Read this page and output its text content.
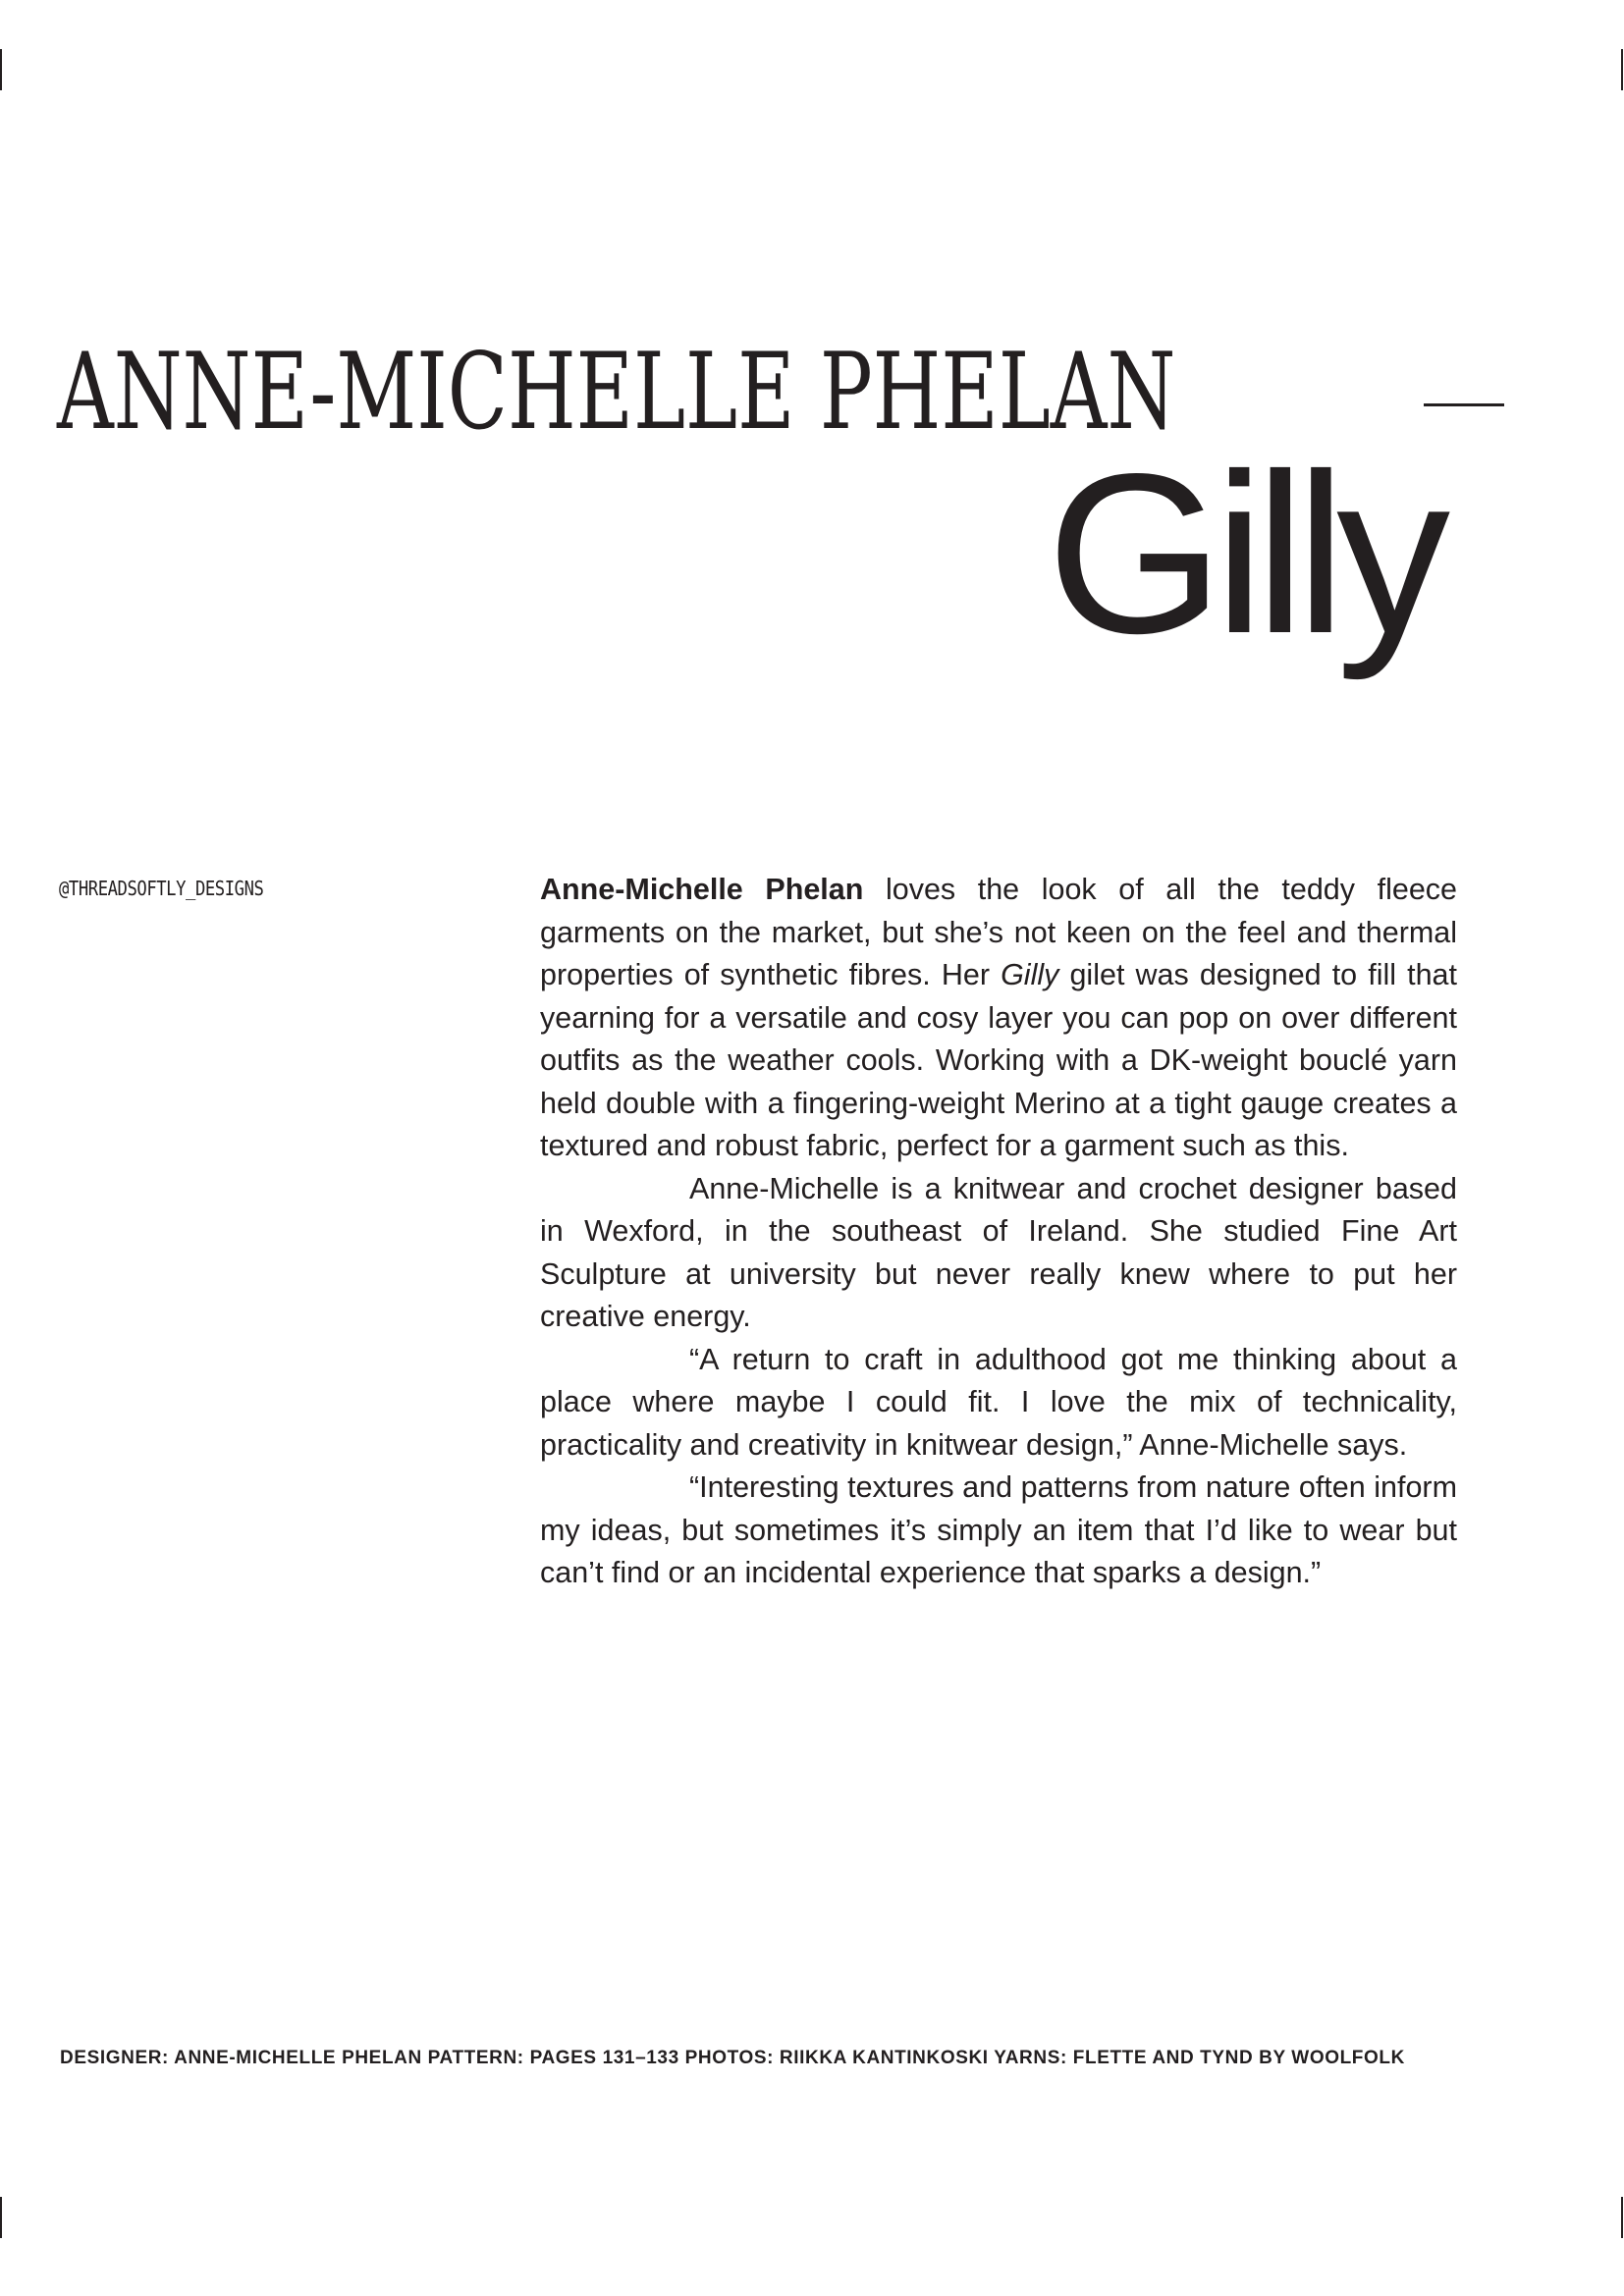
ANNE-MICHELLE PHELAN
Gilly
@THREADSOFTLY_DESIGNS	Anne-Michelle Phelan loves the look of all the teddy fleece garments on the market, but she’s not keen on the feel and thermal properties of synthetic fibres. Her Gilly gilet was designed to fill that yearning for a versatile and cosy layer you can pop on over different outfits as the weather cools. Working with a DK-weight bouclé yarn held double with a fingering-weight Merino at a tight gauge creates a textured and robust fabric, perfect for a garment such as this.

Anne-Michelle is a knitwear and crochet designer based in Wexford, in the southeast of Ireland. She studied Fine Art Sculpture at university but never really knew where to put her creative energy.

“A return to craft in adulthood got me thinking about a place where maybe I could fit. I love the mix of technicality, practicality and creativity in knitwear design,” Anne-Michelle says.

“Interesting textures and patterns from nature often inform my ideas, but sometimes it’s simply an item that I’d like to wear but can’t find or an incidental experience that sparks a design.”

DESIGNER: ANNE-MICHELLE PHELAN PATTERN: PAGES 131–133 PHOTOS: RIIKKA KANTINKOSKI YARNS: FLETTE AND TYND BY WOOLFOLK
